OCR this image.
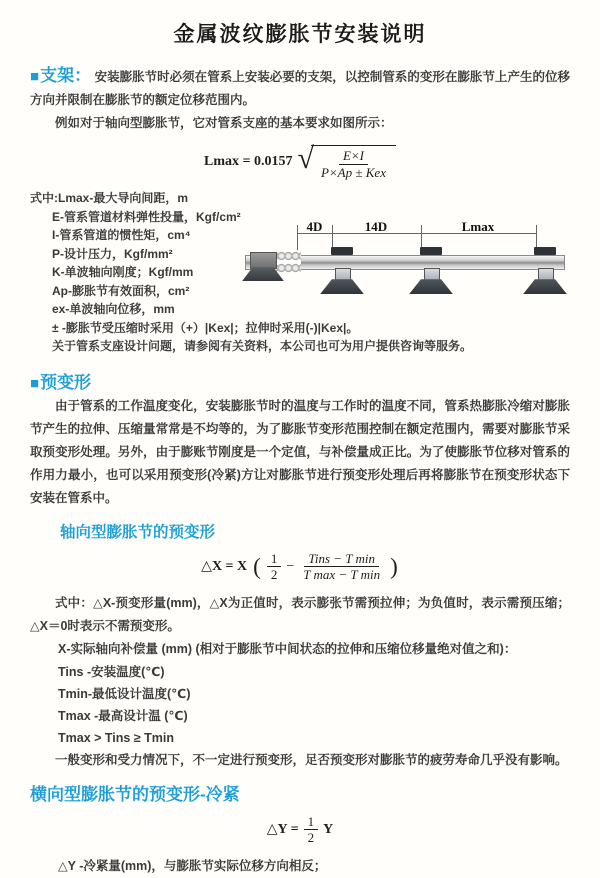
金属波纹膨胀节安装说明
■支架： 安装膨胀节时必须在管系上安装必要的支架，以控制管系的变形在膨胀节上产生的位移方向并限制在膨胀节的额定位移范围内。
例如对于轴向型膨胀节，它对管系支座的基本要求如图所示：
Lmax = 0.0157 √ $\frac{E\times I}{\text{P×Ap ± Kex}}$
式中:Lmax-最大导向间距，m
E-管系管道材料弹性投量，Kgf/cm²
I-管系管道的惯性矩，cm⁴
P-设计压力，Kgf/mm²
K-单波轴向刚度；Kgf/mm
Ap-膨胀节有效面积，cm²
ex-单波轴向位移，mm
± -膨胀节受压缩时采用（+）|Kex|；拉伸时采用(-)|Kex|。
关于管系支座设计问题，请参阅有关资料，本公司也可为用户提供咨询等服务。
4D	14D	Lmax
■预变形
由于管系的工作温度变化，安装膨胀节时的温度与工作时的温度不同，管系热膨胀冷缩对膨胀节产生的拉伸、压缩量常常是不均等的，为了膨胀节变形范围控制在额定范围内，需要对膨胀节采取预变形处理。另外，由于膨账节刚度是一个定值，与补偿量成正比。为了使膨胀节位移对管系的作用力最小，也可以采用预变形(冷紧)方让对膨胀节进行预变形处理后再将膨胀节在预变形状态下安装在管系中。
轴向型膨胀节的预变形
△X = X ( $\frac{1}{2} - \frac{\text{Tins − T min}}{\text{T max − T min}}$ )
式中：△X-预变形量(mm)，△X为正值时，表示膨张节需预拉伸；为负值时，表示需预压缩；△X＝0时表示不需预变形。
X-实际轴向补偿量 (mm) (相对于膨胀节中间状态的拉伸和压缩位移量绝对值之和)：
Tins -安装温度(℃)
Tmin-最低设计温度(℃)
Tmax -最高设计温 (℃)
Tmax > Tins ≥ Tmin
一般变形和受力情况下，不一定进行预变形，足否预变形对膨胀节的疲劳寿命几乎没有影响。
横向型膨胀节的预变形-冷紧
△Y = $\frac{1}{2}$ Y
△Y -冷紧量(mm)，与膨胀节实际位移方向相反；
